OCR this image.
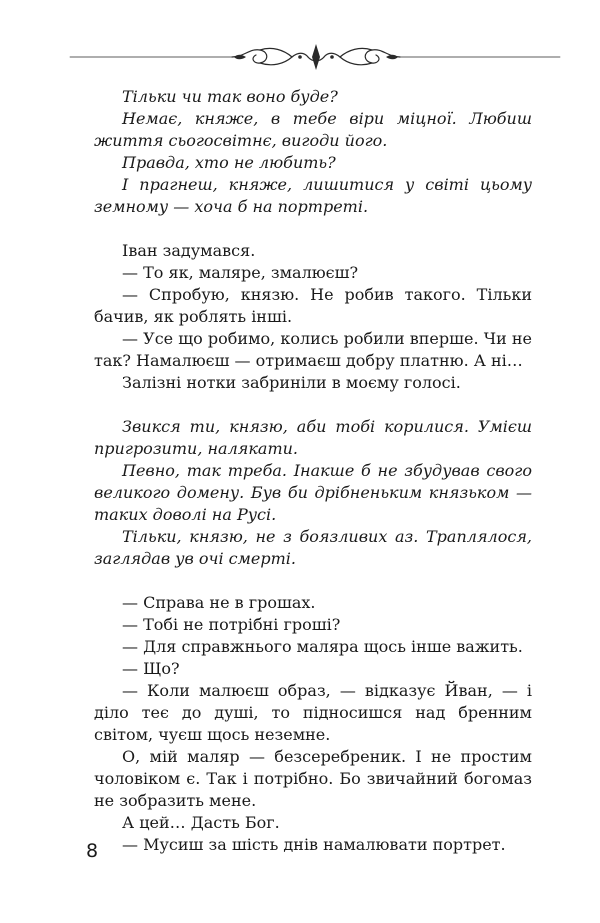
Тільки чи так воно буде?

Немає, княже, в тебе віри міцної. Любиш життя сьогосвітнє, вигоди його.

Правда, хто не любить?

І прагнеш, княже, лишитися у світі цьому земному — хоча б на портреті.

Іван задумався.

— То як, маляре, змалюєш?

— Спробую, князю. Не робив такого. Тільки бачив, як роблять інші.

— Усе що робимо, колись робили вперше. Чи не так? Намалюєш — отримаєш добру платню. А ні…

Залізні нотки забриніли в моєму голосі.

Звикся ти, князю, аби тобі корилися. Умієш пригрозити, налякати.

Певно, так треба. Інакше б не збудував свого великого домену. Був би дрібненьким князьком — таких доволі на Русі.

Тільки, князю, не з боязливих аз. Траплялося, заглядав ув очі смерті.

— Справа не в грошах.

— Тобі не потрібні гроші?

— Для справжнього маляра щось інше важить.

— Що?

— Коли малюєш образ, — відказує Йван, — і діло теє до душі, то підносишся над бренним світом, чуєш щось неземне.

О, мій маляр — безсеребреник. І не простим чоловіком є. Так і потрібно. Бо звичайний богомаз не зобразить мене.

А цей… Дасть Бог.

— Мусиш за шість днів намалювати портрет.

8
